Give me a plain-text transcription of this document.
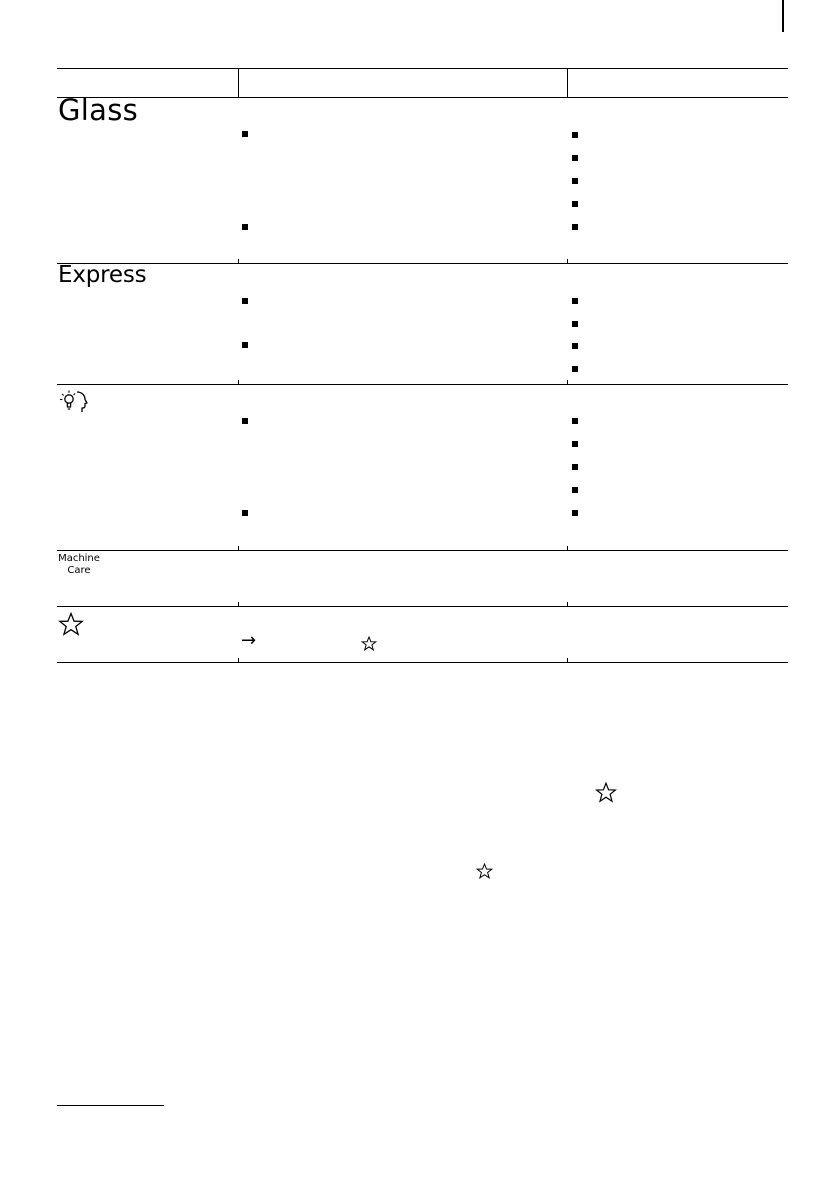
Glass
Express
Machine
Care
→
